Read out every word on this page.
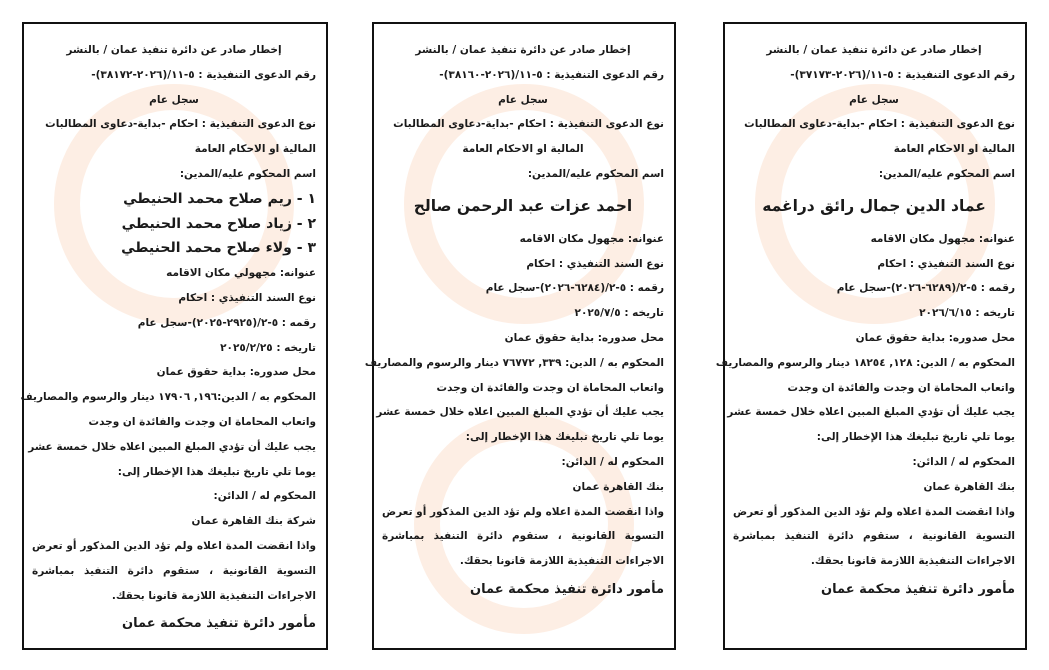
إخطار صادر عن دائرة تنفيذ عمان / بالنشر
رقم الدعوى التنفيذية : ٥-١١/(٢٠٢٦-٣٧١٧٣)-
سجل عام
نوع الدعوى التنفيذية : احكام -بداية-دعاوى المطالبات
المالية او الاحكام العامة
اسم المحكوم عليه/المدين:
عماد الدين جمال رائق دراغمه
عنوانه: مجهول مكان الاقامه
نوع السند التنفيذي : احكام
رقمه : ٥-٢/(٦٢٨٩-٢٠٢٦)-سجل عام
تاريخه : ٢٠٢٦/٦/١٥
محل صدوره: بداية حقوق عمان
المحكوم به / الدين: ١٢٨, ١٨٢٥٤ دينار والرسوم والمصاريف
واتعاب المحاماة ان وجدت والفائدة ان وجدت
يجب عليك أن تؤدي المبلغ المبين اعلاه خلال خمسة عشر
يوما تلي تاريخ تبليغك هذا الإخطار إلى:
المحكوم له / الدائن:
بنك القاهرة عمان
واذا انقضت المدة اعلاه ولم تؤد الدين المذكور أو تعرض
التسوية القانونية ، ستقوم دائرة التنفيذ بمباشرة
الاجراءات التنفيذية اللازمة قانونا بحقك.
مأمور دائرة تنفيذ محكمة عمان
إخطار صادر عن دائرة تنفيذ عمان / بالنشر
رقم الدعوى التنفيذية : ٥-١١/(٢٠٢٦-٣٨١٦٠)-
سجل عام
نوع الدعوى التنفيذية : احكام -بداية-دعاوى المطالبات
المالية او الاحكام العامة
اسم المحكوم عليه/المدين:
احمد عزات عبد الرحمن صالح
عنوانه: مجهول مكان الاقامه
نوع السند التنفيذي : احكام
رقمه : ٥-٢/(٦٢٨٤-٢٠٢٦)-سجل عام
تاريخه : ٢٠٢٥/٧/٥
محل صدوره: بداية حقوق عمان
المحكوم به / الدين: ٣٣٩, ٧٦٧٧٢ دينار والرسوم والمصاريف
واتعاب المحاماة ان وجدت والفائدة ان وجدت
يجب عليك أن تؤدي المبلغ المبين اعلاه خلال خمسة عشر
يوما تلي تاريخ تبليغك هذا الإخطار إلى:
المحكوم له / الدائن:
بنك القاهرة عمان
واذا انقضت المدة اعلاه ولم تؤد الدين المذكور أو تعرض
التسوية القانونية ، ستقوم دائرة التنفيذ بمباشرة
الاجراءات التنفيذية اللازمة قانونا بحقك.
مأمور دائرة تنفيذ محكمة عمان
إخطار صادر عن دائرة تنفيذ عمان / بالنشر
رقم الدعوى التنفيذية : ٥-١١/(٢٠٢٦-٣٨١٧٢)-
سجل عام
نوع الدعوى التنفيذية : احكام -بداية-دعاوى المطالبات
المالية او الاحكام العامة
اسم المحكوم عليه/المدين:
١ - ريم صلاح محمد الحنيطي
٢ - زياد صلاح محمد الحنيطي
٣ - ولاء صلاح محمد الحنيطي
عنوانه: مجهولي مكان الاقامه
نوع السند التنفيذي : احكام
رقمه : ٥-٢/(٢٩٢٥-٢٠٢٥)-سجل عام
تاريخه : ٢٠٢٥/٢/٢٥
محل صدوره: بداية حقوق عمان
المحكوم به / الدين:١٩٦, ١٧٩٠٦ دينار والرسوم والمصاريف
واتعاب المحاماة ان وجدت والفائدة ان وجدت
يجب عليك أن تؤدي المبلغ المبين اعلاه خلال خمسة عشر
يوما تلي تاريخ تبليغك هذا الإخطار إلى:
المحكوم له / الدائن:
شركة بنك القاهرة عمان
واذا انقضت المدة اعلاه ولم تؤد الدين المذكور أو تعرض
التسوية القانونية ، ستقوم دائرة التنفيذ بمباشرة
الاجراءات التنفيذية اللازمة قانونا بحقك.
مأمور دائرة تنفيذ محكمة عمان
